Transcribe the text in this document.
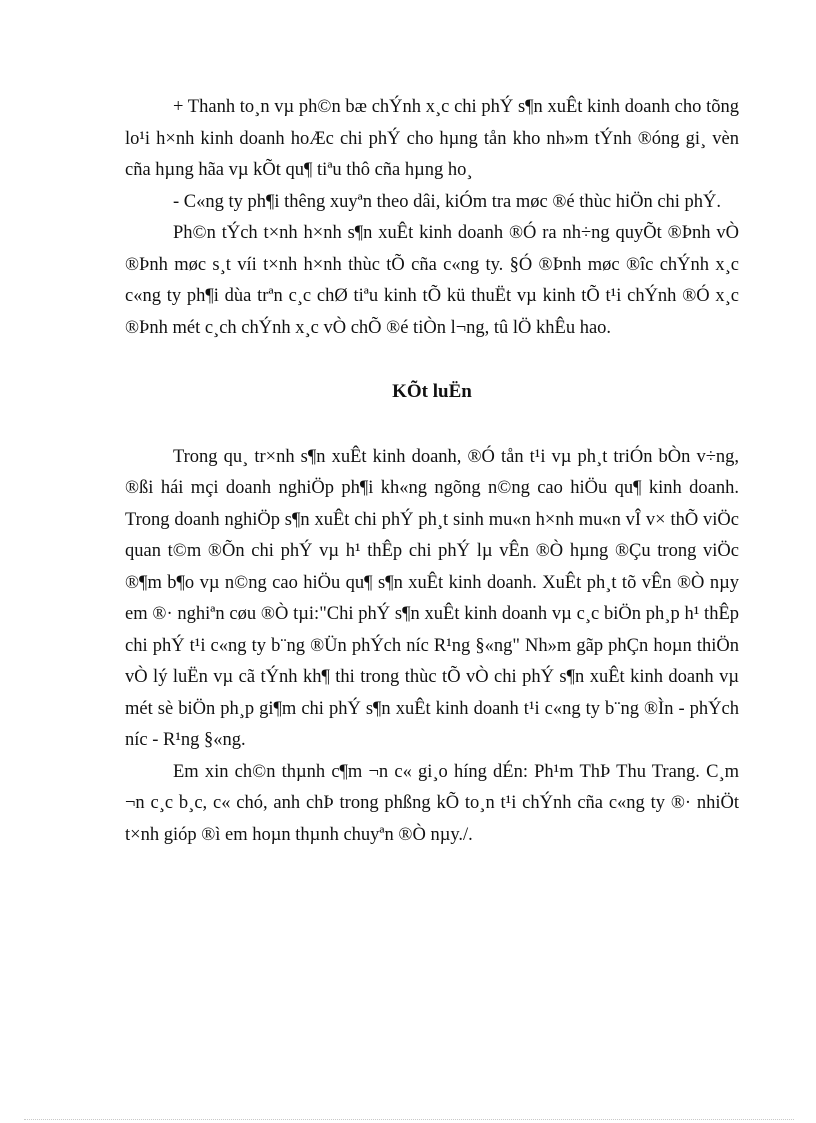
+ Thanh to¸n vµ ph©n bæ chÝnh x¸c chi phÝ s¶n xuÊt kinh doanh cho tõng lo¹i h×nh kinh doanh hoÆc chi phÝ cho hµng tån kho nh»m tÝnh ®óng gi¸ vèn cña hµng hãa vµ kÕt qu¶ tiªu thô cña hµng ho¸

- C«ng ty ph¶i thêng xuyªn theo dâi, kiÓm tra møc ®é thùc hiÖn chi phÝ.

Ph©n tÝch t×nh h×nh s¶n xuÊt kinh doanh ®Ó ra nh÷ng quyÕt ®Þnh vÒ ®Þnh møc s¸t víi t×nh h×nh thùc tÕ cña c«ng ty. §Ó ®Þnh møc ®îc chÝnh x¸c c«ng ty ph¶i dùa trªn c¸c chØ tiªu kinh tÕ kü thuËt vµ kinh tÕ t¹i chÝnh ®Ó x¸c ®Þnh mét c¸ch chÝnh x¸c vÒ chÕ ®é tiÒn l¬ng, tû lÖ khÊu hao.

KÕt luËn

Trong qu¸ tr×nh s¶n xuÊt kinh doanh, ®Ó tån t¹i vµ ph¸t triÓn bÒn v÷ng, ®ßi hái mçi doanh nghiÖp ph¶i kh«ng ngõng n©ng cao hiÖu qu¶ kinh doanh. Trong doanh nghiÖp s¶n xuÊt chi phÝ ph¸t sinh mu«n h×nh mu«n vÎ v× thÕ viÖc quan t©m ®Õn chi phÝ vµ h¹ thÊp chi phÝ lµ vÊn ®Ò hµng ®Çu trong viÖc ®¶m b¶o vµ n©ng cao hiÖu qu¶ s¶n xuÊt kinh doanh. XuÊt ph¸t tõ vÊn ®Ò nµy em ®· nghiªn cøu ®Ò tµi:"Chi phÝ s¶n xuÊt kinh doanh vµ c¸c biÖn ph¸p h¹ thÊp chi phÝ t¹i c«ng ty b¨ng ®Ün phÝch níc R¹ng §«ng" Nh»m gãp phÇn hoµn thiÖn vÒ lý luËn vµ cã tÝnh kh¶ thi trong thùc tÕ vÒ chi phÝ s¶n xuÊt kinh doanh vµ mét sè biÖn ph¸p gi¶m chi phÝ s¶n xuÊt kinh doanh t¹i c«ng ty b¨ng ®Ìn - phÝch níc - R¹ng §«ng.

Em xin ch©n thµnh c¶m ¬n c« gi¸o híng dÉn: Ph¹m ThÞ Thu Trang. C¸m ¬n c¸c b¸c, c« chó, anh chÞ trong phßng kÕ to¸n t¹i chÝnh cña c«ng ty ®· nhiÖt t×nh gióp ®ì em hoµn thµnh chuyªn ®Ò nµy./.
